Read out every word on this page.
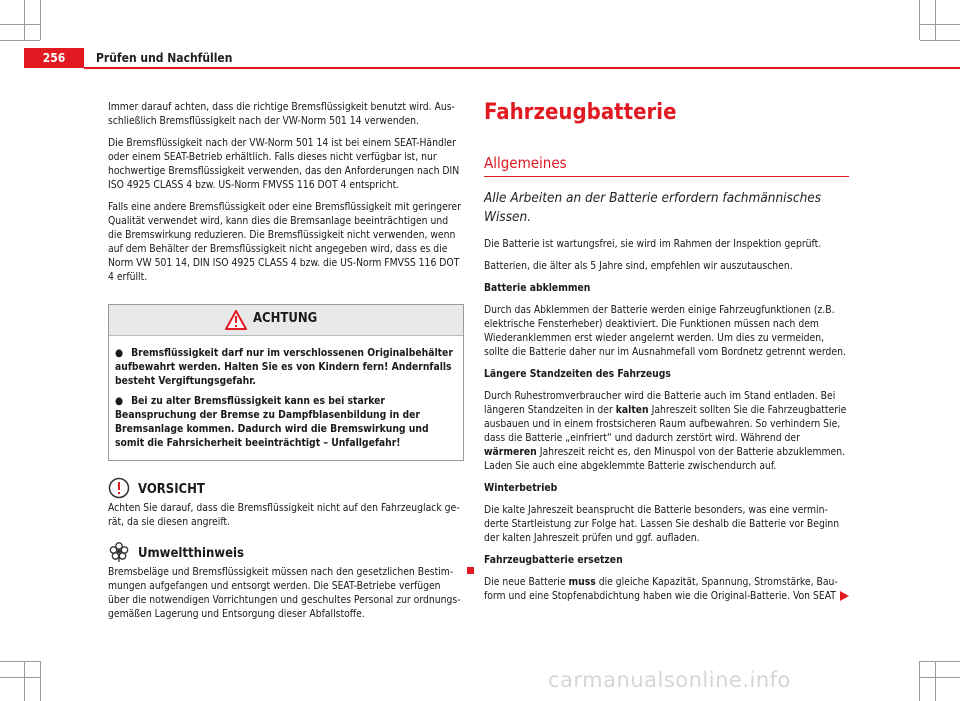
256	Prüfen und Nachfüllen

Immer darauf achten, dass die richtige Bremsflüssigkeit benutzt wird. Ausschließlich Bremsflüssigkeit nach der VW-Norm 501 14 verwenden.

Die Bremsflüssigkeit nach der VW-Norm 501 14 ist bei einem SEAT-Händler oder einem SEAT-Betrieb erhältlich. Falls dieses nicht verfügbar ist, nur hochwertige Bremsflüssigkeit verwenden, das den Anforderungen nach DIN ISO 4925 CLASS 4 bzw. US-Norm FMVSS 116 DOT 4 entspricht.

Falls eine andere Bremsflüssigkeit oder eine Bremsflüssigkeit mit geringerer Qualität verwendet wird, kann dies die Bremsanlage beeinträchtigen und die Bremswirkung reduzieren. Die Bremsflüssigkeit nicht verwenden, wenn auf dem Behälter der Bremsflüssigkeit nicht angegeben wird, dass es die Norm VW 501 14, DIN ISO 4925 CLASS 4 bzw. die US-Norm FMVSS 116 DOT 4 erfüllt.

ACHTUNG

● Bremsflüssigkeit darf nur im verschlossenen Originalbehälter aufbewahrt werden. Halten Sie es von Kindern fern! Andernfalls besteht Vergiftungsgefahr.

● Bei zu alter Bremsflüssigkeit kann es bei starker Beanspruchung der Bremse zu Dampfblasenbildung in der Bremsanlage kommen. Dadurch wird die Bremswirkung und somit die Fahrsicherheit beeinträchtigt – Unfallgefahr!

VORSICHT

Achten Sie darauf, dass die Bremsflüssigkeit nicht auf den Fahrzeuglack gerät, da sie diesen angreift.

Umweltthinweis

Bremsbeläge und Bremsflüssigkeit müssen nach den gesetzlichen Bestimmungen aufgefangen und entsorgt werden. Die SEAT-Betriebe verfügen über die notwendigen Vorrichtungen und geschultes Personal zur ordnungsgemäßen Lagerung und Entsorgung dieser Abfallstoffe.

Fahrzeugbatterie
Allgemeines
Alle Arbeiten an der Batterie erfordern fachmännisches Wissen.

Die Batterie ist wartungsfrei, sie wird im Rahmen der Inspektion geprüft.

Batterien, die älter als 5 Jahre sind, empfehlen wir auszutauschen.

Batterie abklemmen

Durch das Abklemmen der Batterie werden einige Fahrzeugfunktionen (z.B. elektrische Fensterheber) deaktiviert. Die Funktionen müssen nach dem Wiederanklemmen erst wieder angelernt werden. Um dies zu vermeiden, sollte die Batterie daher nur im Ausnahmefall vom Bordnetz getrennt werden.

Längere Standzeiten des Fahrzeugs

Durch Ruhestromverbraucher wird die Batterie auch im Stand entladen. Bei längeren Standzeiten in der kalten Jahreszeit sollten Sie die Fahrzeugbatterie ausbauen und in einem frostsicheren Raum aufbewahren. So verhindern Sie, dass die Batterie „einfriert“ und dadurch zerstört wird. Während der wärmeren Jahreszeit reicht es, den Minuspol von der Batterie abzuklemmen. Laden Sie auch eine abgeklemmte Batterie zwischendurch auf.

Winterbetrieb

Die kalte Jahreszeit beansprucht die Batterie besonders, was eine verminderte Startleistung zur Folge hat. Lassen Sie deshalb die Batterie vor Beginn der kalten Jahreszeit prüfen und ggf. aufladen.

Fahrzeugbatterie ersetzen

Die neue Batterie muss die gleiche Kapazität, Spannung, Stromstärke, Bauform und eine Stopfenabdichtung haben wie die Original-Batterie. Von SEAT

carmanualsonline.info
